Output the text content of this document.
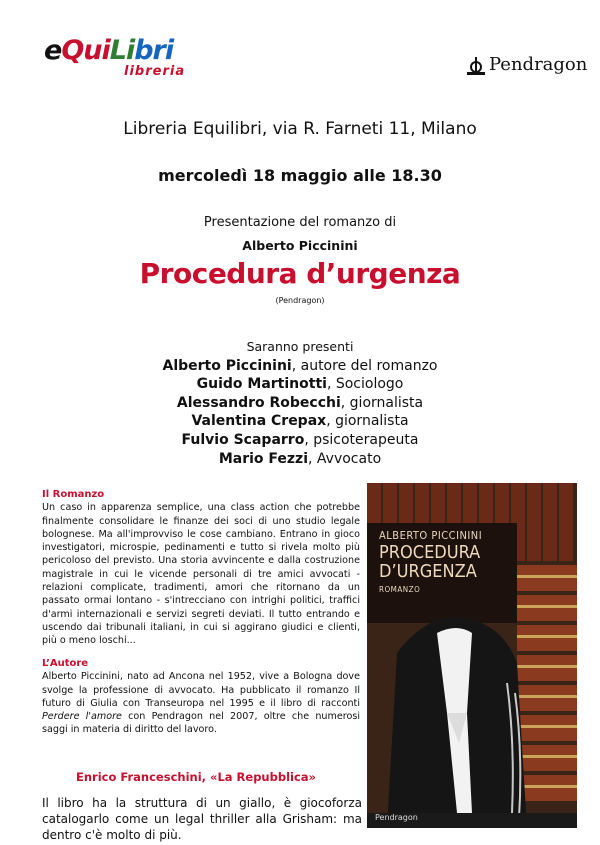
eQuiLibri
libreria	Pendragon
Libreria Equilibri, via R. Farneti 11, Milano
mercoledì 18 maggio alle 18.30
Presentazione del romanzo di
Alberto Piccinini
Procedura d’urgenza
(Pendragon)
Saranno presenti
Alberto Piccinini, autore del romanzo
Guido Martinotti, Sociologo
Alessandro Robecchi, giornalista
Valentina Crepax, giornalista
Fulvio Scaparro, psicoterapeuta
Mario Fezzi, Avvocato
Il Romanzo
Un caso in apparenza semplice, una class action che potrebbe finalmente consolidare le finanze dei soci di uno studio legale bolognese. Ma all'improvviso le cose cambiano. Entrano in gioco investigatori, microspie, pedinamenti e tutto si rivela molto più pericoloso del previsto. Una storia avvincente e dalla costruzione magistrale in cui le vicende personali di tre amici avvocati - relazioni complicate, tradimenti, amori che ritornano da un passato ormai lontano - s'intrecciano con intrighi politici, traffici d'armi internazionali e servizi segreti deviati. Il tutto entrando e uscendo dai tribunali italiani, in cui si aggirano giudici e clienti, più o meno loschi...
L’Autore
Alberto Piccinini, nato ad Ancona nel 1952, vive a Bologna dove svolge la professione di avvocato. Ha pubblicato il romanzo Il futuro di Giulia con Transeuropa nel 1995 e il libro di racconti Perdere l'amore con Pendragon nel 2007, oltre che numerosi saggi in materia di diritto del lavoro.
Enrico Franceschini, «La Repubblica»
Il libro ha la struttura di un giallo, è giocoforza catalogarlo come un legal thriller alla Grisham: ma dentro c'è molto di più.
ALBERTO PICCININI
PROCEDURA
D’URGENZA
ROMANZO
Pendragon
